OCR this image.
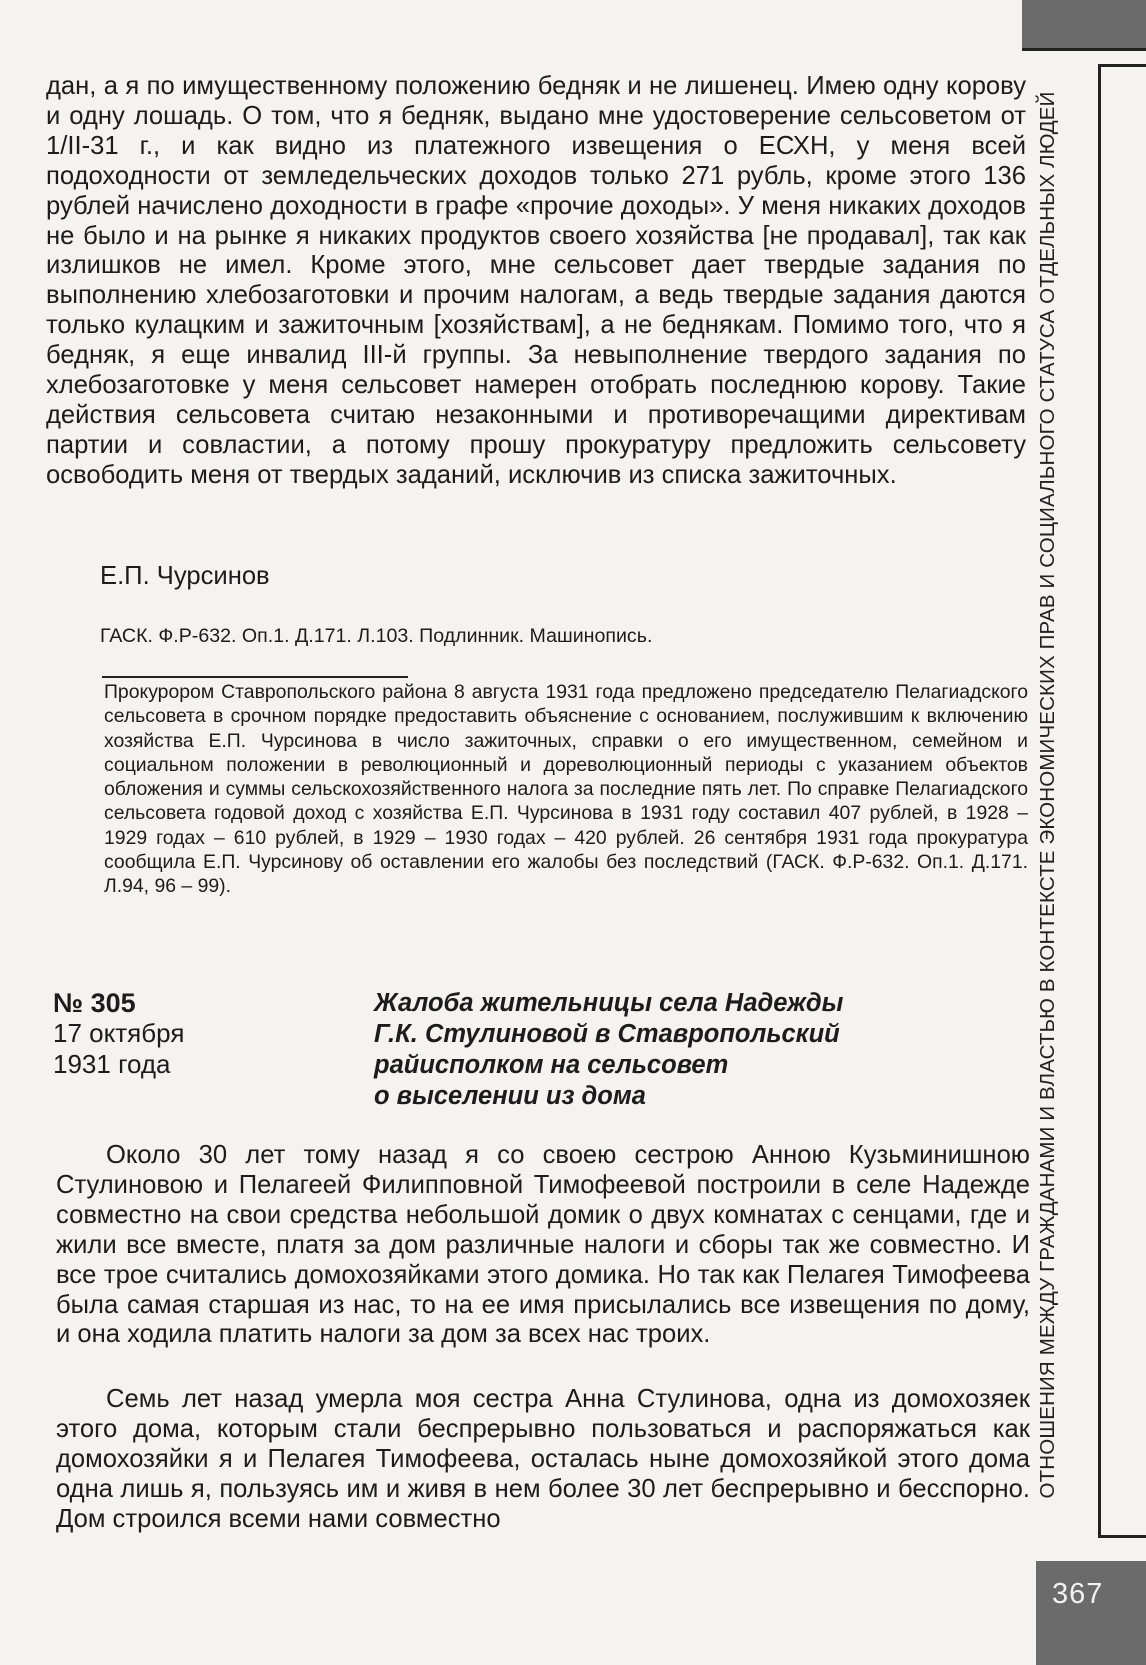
ОТНОШЕНИЯ МЕЖДУ ГРАЖДАНАМИ И ВЛАСТЬЮ В КОНТЕКСТЕ ЭКОНОМИЧЕСКИХ ПРАВ И СОЦИАЛЬНОГО СТАТУСА ОТДЕЛЬНЫХ ЛЮДЕЙ
367

дан, а я по имущественному положению бедняк и не лишенец. Имею одну корову и одну лошадь. О том, что я бедняк, выдано мне удостоверение сельсоветом от 1/II-31 г., и как видно из платежного извещения о ЕСХН, у меня всей подоходности от земледельческих доходов только 271 рубль, кроме этого 136 рублей начислено доходности в графе «прочие доходы». У меня никаких доходов не было и на рынке я никаких продуктов своего хозяйства [не продавал], так как излишков не имел. Кроме этого, мне сельсовет дает твердые задания по выполнению хлебозаготовки и прочим налогам, а ведь твердые задания даются только кулацким и зажиточным [хозяйствам], а не беднякам. Помимо того, что я бедняк, я еще инвалид III-й группы. За невыполнение твердого задания по хлебозаготовке у меня сельсовет намерен отобрать последнюю корову. Такие действия сельсовета считаю незаконными и противоречащими директивам партии и совластии, а потому прошу прокуратуру предложить сельсовету освободить меня от твердых заданий, исключив из списка зажиточных.

Е.П. Чурсинов
ГАСК. Ф.Р-632. Оп.1. Д.171. Л.103. Подлинник. Машинопись.

Прокурором Ставропольского района 8 августа 1931 года предложено председателю Пелагиадского сельсовета в срочном порядке предоставить объяснение с основанием, послужившим к включению хозяйства Е.П. Чурсинова в число зажиточных, справки о его имущественном, семейном и социальном положении в революционный и дореволюционный периоды с указанием объектов обложения и суммы сельскохозяйственного налога за последние пять лет. По справке Пелагиадского сельсовета годовой доход с хозяйства Е.П. Чурсинова в 1931 году составил 407 рублей, в 1928 – 1929 годах – 610 рублей, в 1929 – 1930 годах – 420 рублей. 26 сентября 1931 года прокуратура сообщила Е.П. Чурсинову об оставлении его жалобы без последствий (ГАСК. Ф.Р-632. Оп.1. Д.171. Л.94, 96 – 99).

№ 305
17 октября
1931 года
Жалоба жительницы села Надежды
Г.К. Стулиновой в Ставропольский
райисполком на сельсовет
о выселении из дома

Около 30 лет тому назад я со своею сестрою Анною Кузьминишною Стулиновою и Пелагеей Филипповной Тимофеевой построили в селе Надежде совместно на свои средства небольшой домик о двух комнатах с сенцами, где и жили все вместе, платя за дом различные налоги и сборы так же совместно. И все трое считались домохозяйками этого домика. Но так как Пелагея Тимофеева была самая старшая из нас, то на ее имя присылались все извещения по дому, и она ходила платить налоги за дом за всех нас троих.

Семь лет назад умерла моя сестра Анна Стулинова, одна из домохозяек этого дома, которым стали беспрерывно пользоваться и распоряжаться как домохозяйки я и Пелагея Тимофеева, осталась ныне домохозяйкой этого дома одна лишь я, пользуясь им и живя в нем более 30 лет беспрерывно и бесспорно. Дом строился всеми нами совместно
